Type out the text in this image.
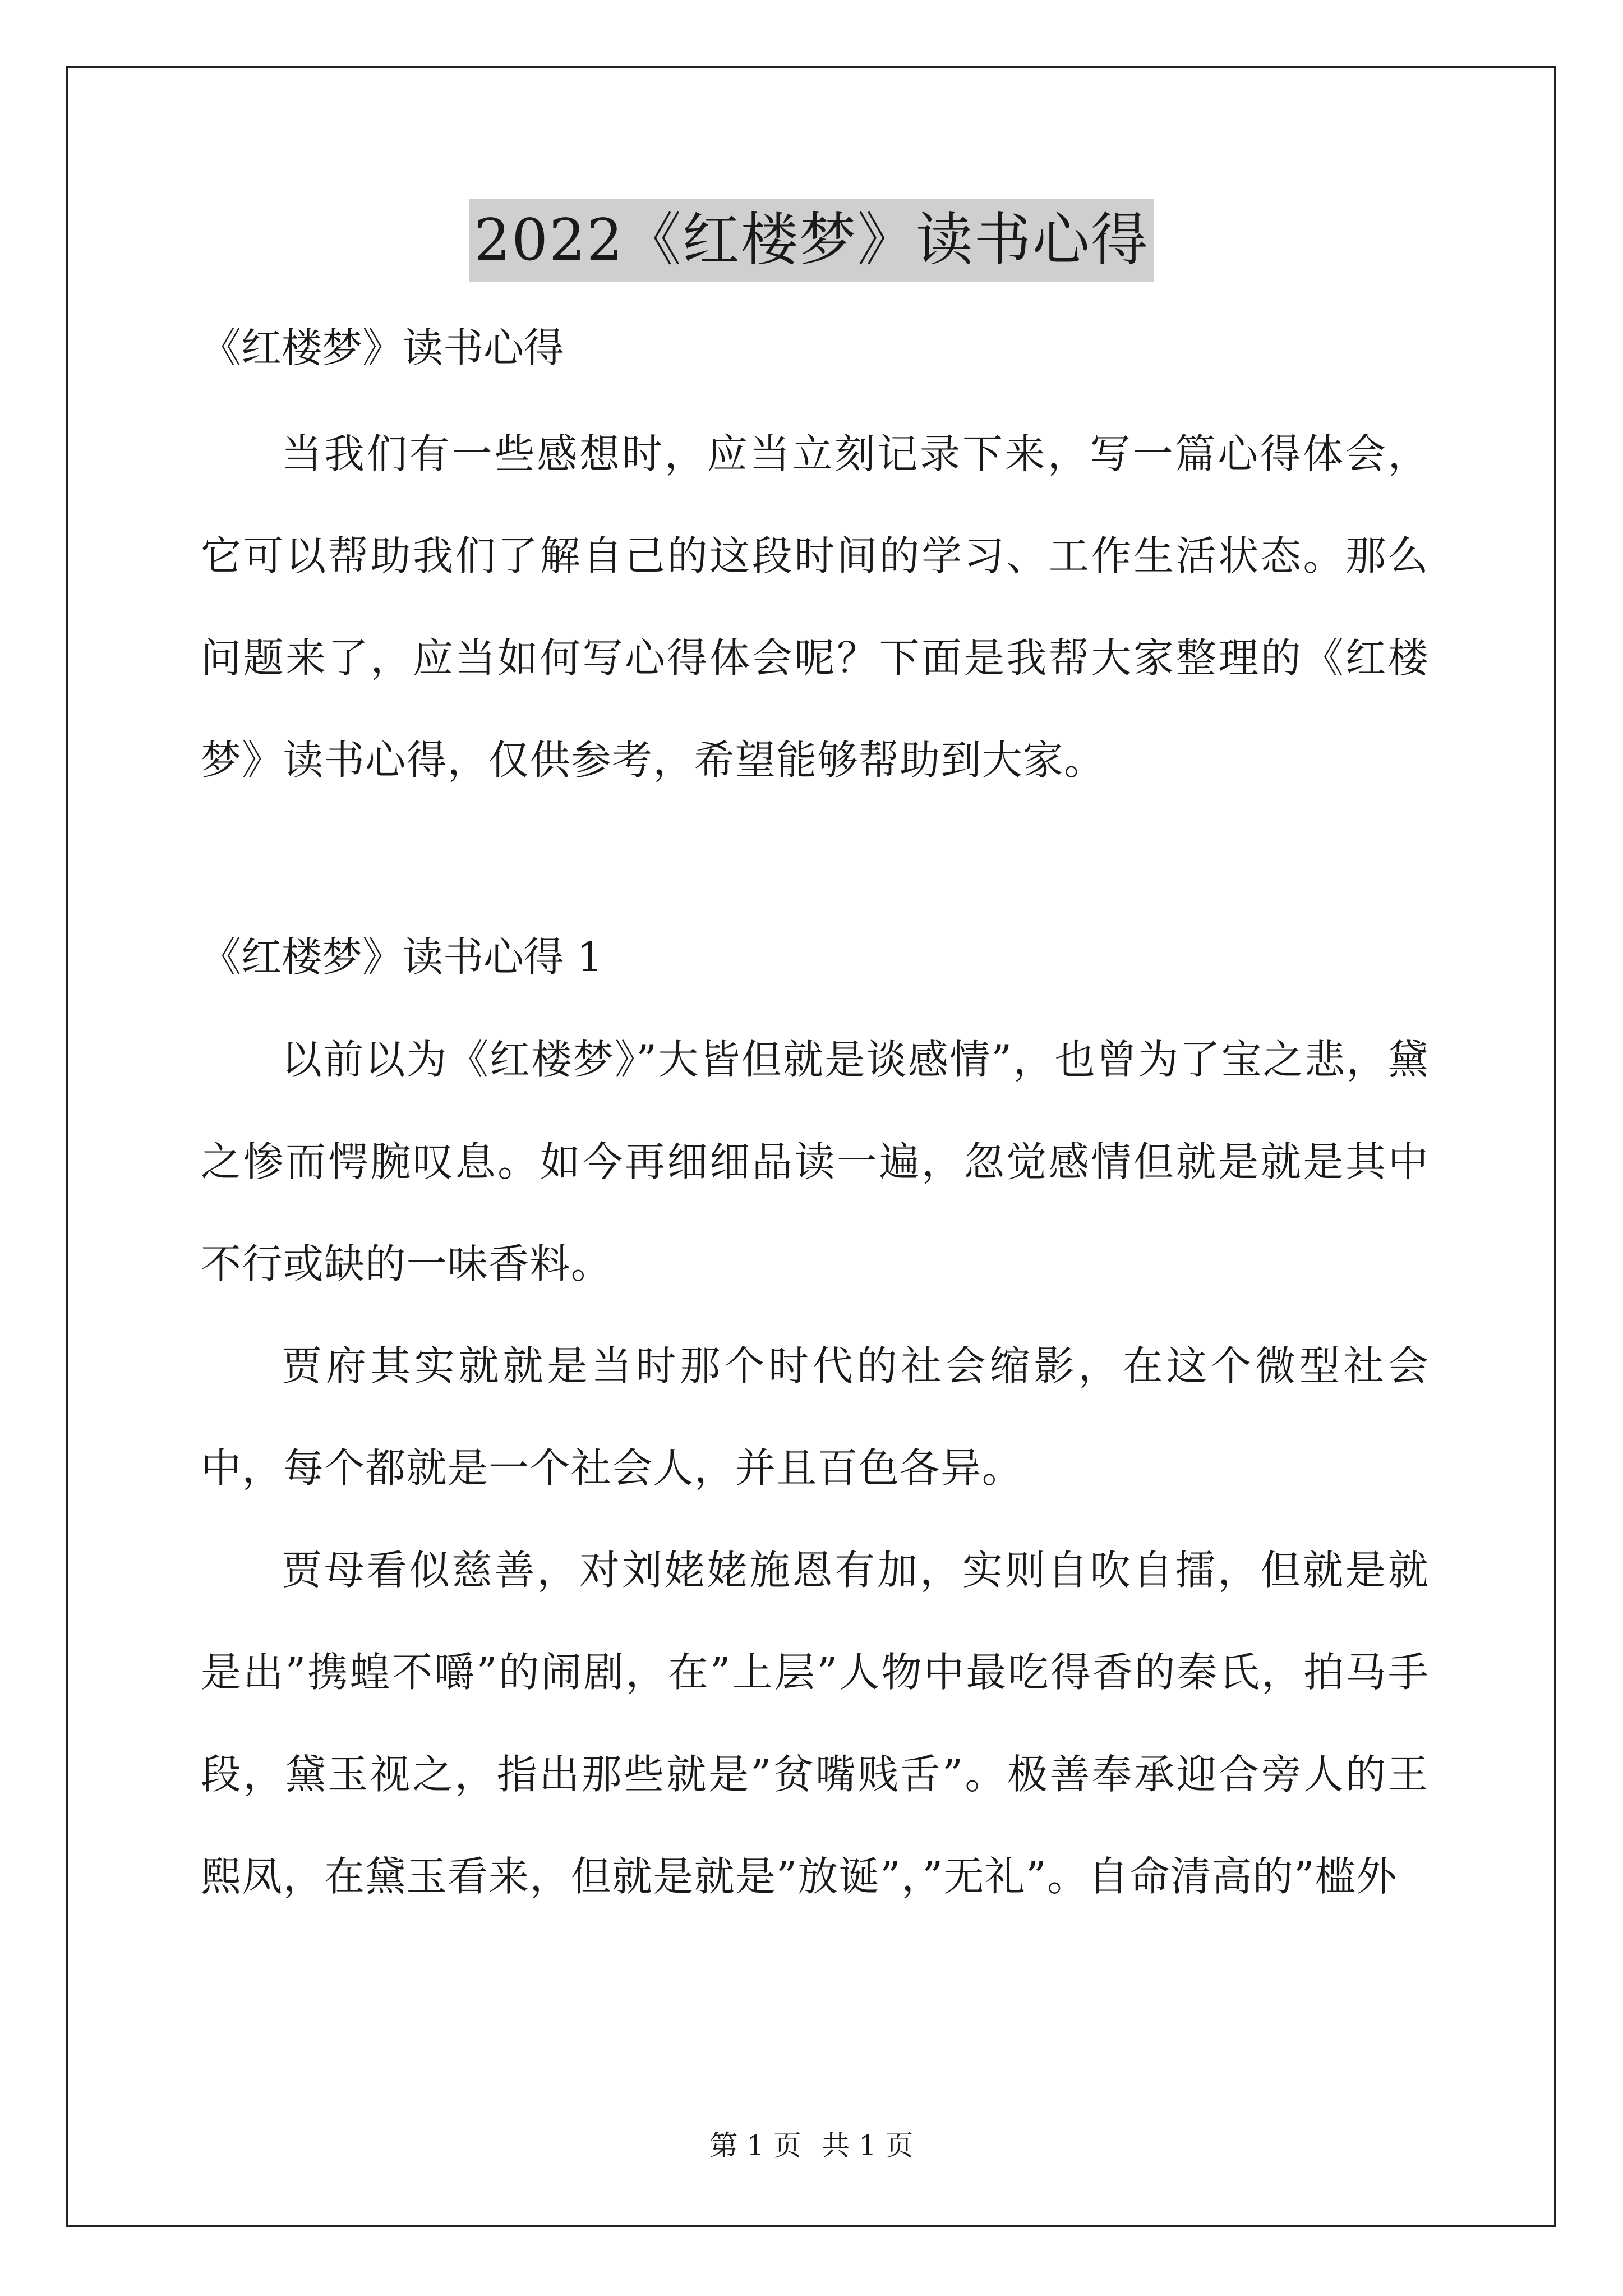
2022《红楼梦》读书心得
《红楼梦》读书心得

当我们有一些感想时，应当立刻记录下来，写一篇心得体会，它可以帮助我们了解自己的这段时间的学习、工作生活状态。那么问题来了，应当如何写心得体会呢？下面是我帮大家整理的《红楼梦》读书心得，仅供参考，希望能够帮助到大家。

《红楼梦》读书心得 1

以前以为《红楼梦》”大皆但就是谈感情”，也曾为了宝之悲，黛之惨而愕腕叹息。如今再细细品读一遍，忽觉感情但就是就是其中不行或缺的一味香料。

贾府其实就就是当时那个时代的社会缩影，在这个微型社会中，每个都就是一个社会人，并且百色各异。

贾母看似慈善，对刘姥姥施恩有加，实则自吹自擂，但就是就是出”携蝗不嚼”的闹剧，在”上层”人物中最吃得香的秦氏，拍马手段，黛玉视之，指出那些就是”贫嘴贱舌”。极善奉承迎合旁人的王熙凤，在黛玉看来，但就是就是”放诞”，”无礼”。自命清高的”槛外

第 1 页 共 1 页
